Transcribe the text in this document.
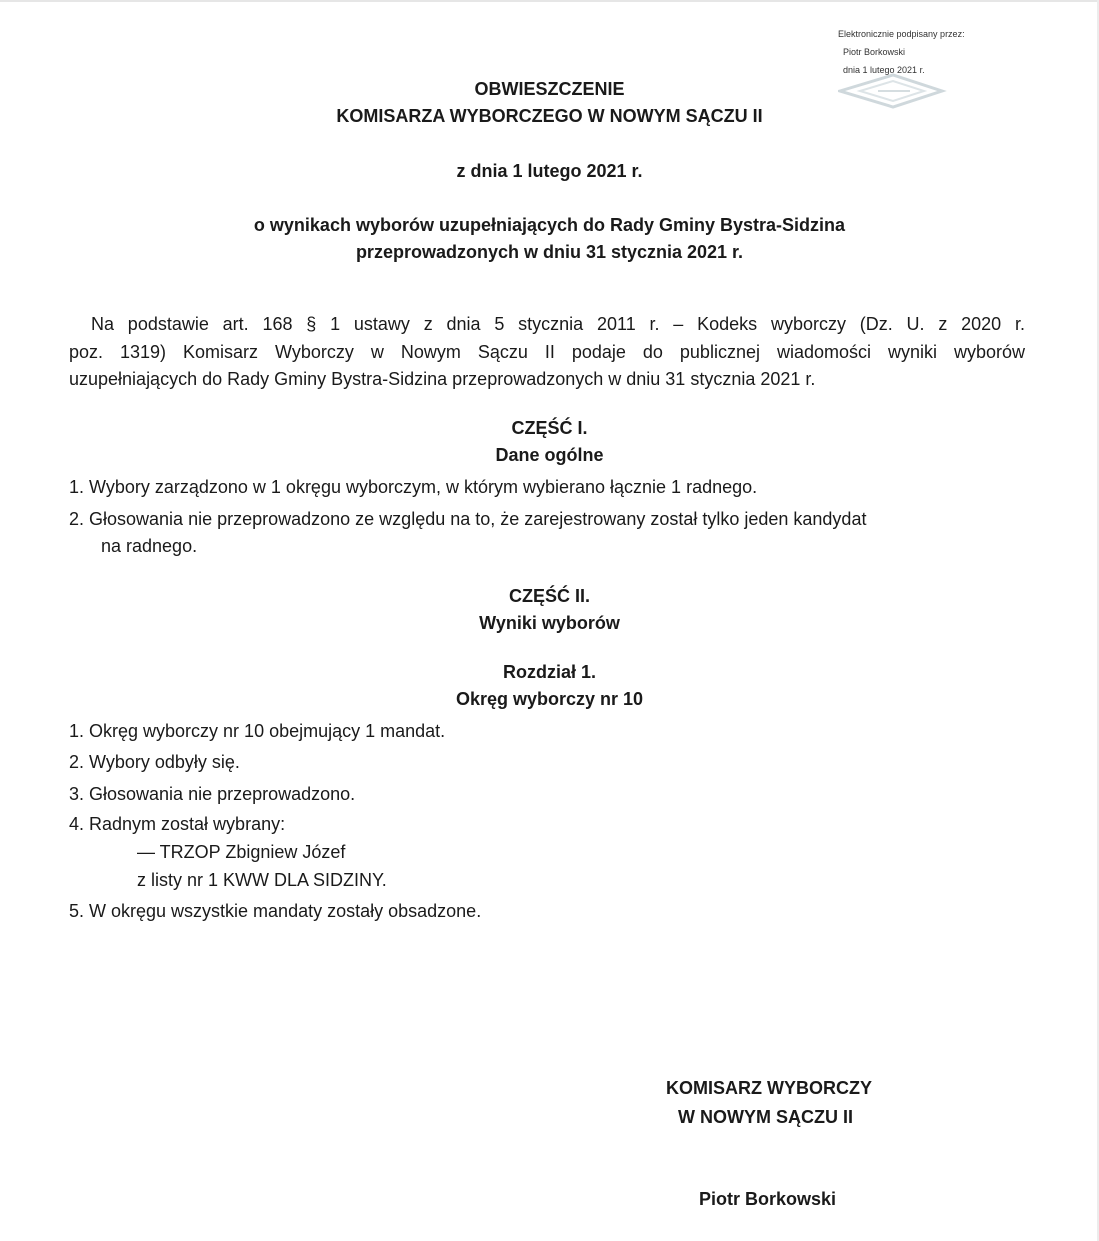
Elektronicznie podpisany przez:
Piotr Borkowski
dnia 1 lutego 2021 r.
OBWIESZCZENIE
KOMISARZA WYBORCZEGO W NOWYM SĄCZU II
z dnia 1 lutego 2021 r.
o wynikach wyborów uzupełniających do Rady Gminy Bystra-Sidzina
przeprowadzonych w dniu 31 stycznia 2021 r.
Na podstawie art. 168 § 1 ustawy z dnia 5 stycznia 2011 r. – Kodeks wyborczy (Dz. U. z 2020 r.
poz. 1319) Komisarz Wyborczy w Nowym Sączu II podaje do publicznej wiadomości wyniki wyborów
uzupełniających do Rady Gminy Bystra-Sidzina przeprowadzonych w dniu 31 stycznia 2021 r.
CZĘŚĆ I.
Dane ogólne
1. Wybory zarządzono w 1 okręgu wyborczym, w którym wybierano łącznie 1 radnego.
2. Głosowania nie przeprowadzono ze względu na to, że zarejestrowany został tylko jeden kandydat
na radnego.
CZĘŚĆ II.
Wyniki wyborów
Rozdział 1.
Okręg wyborczy nr 10
1. Okręg wyborczy nr 10 obejmujący 1 mandat.
2. Wybory odbyły się.
3. Głosowania nie przeprowadzono.
4. Radnym został wybrany:
— TRZOP Zbigniew Józef
z listy nr 1 KWW DLA SIDZINY.
5. W okręgu wszystkie mandaty zostały obsadzone.
KOMISARZ WYBORCZY
W NOWYM SĄCZU II
Piotr Borkowski
